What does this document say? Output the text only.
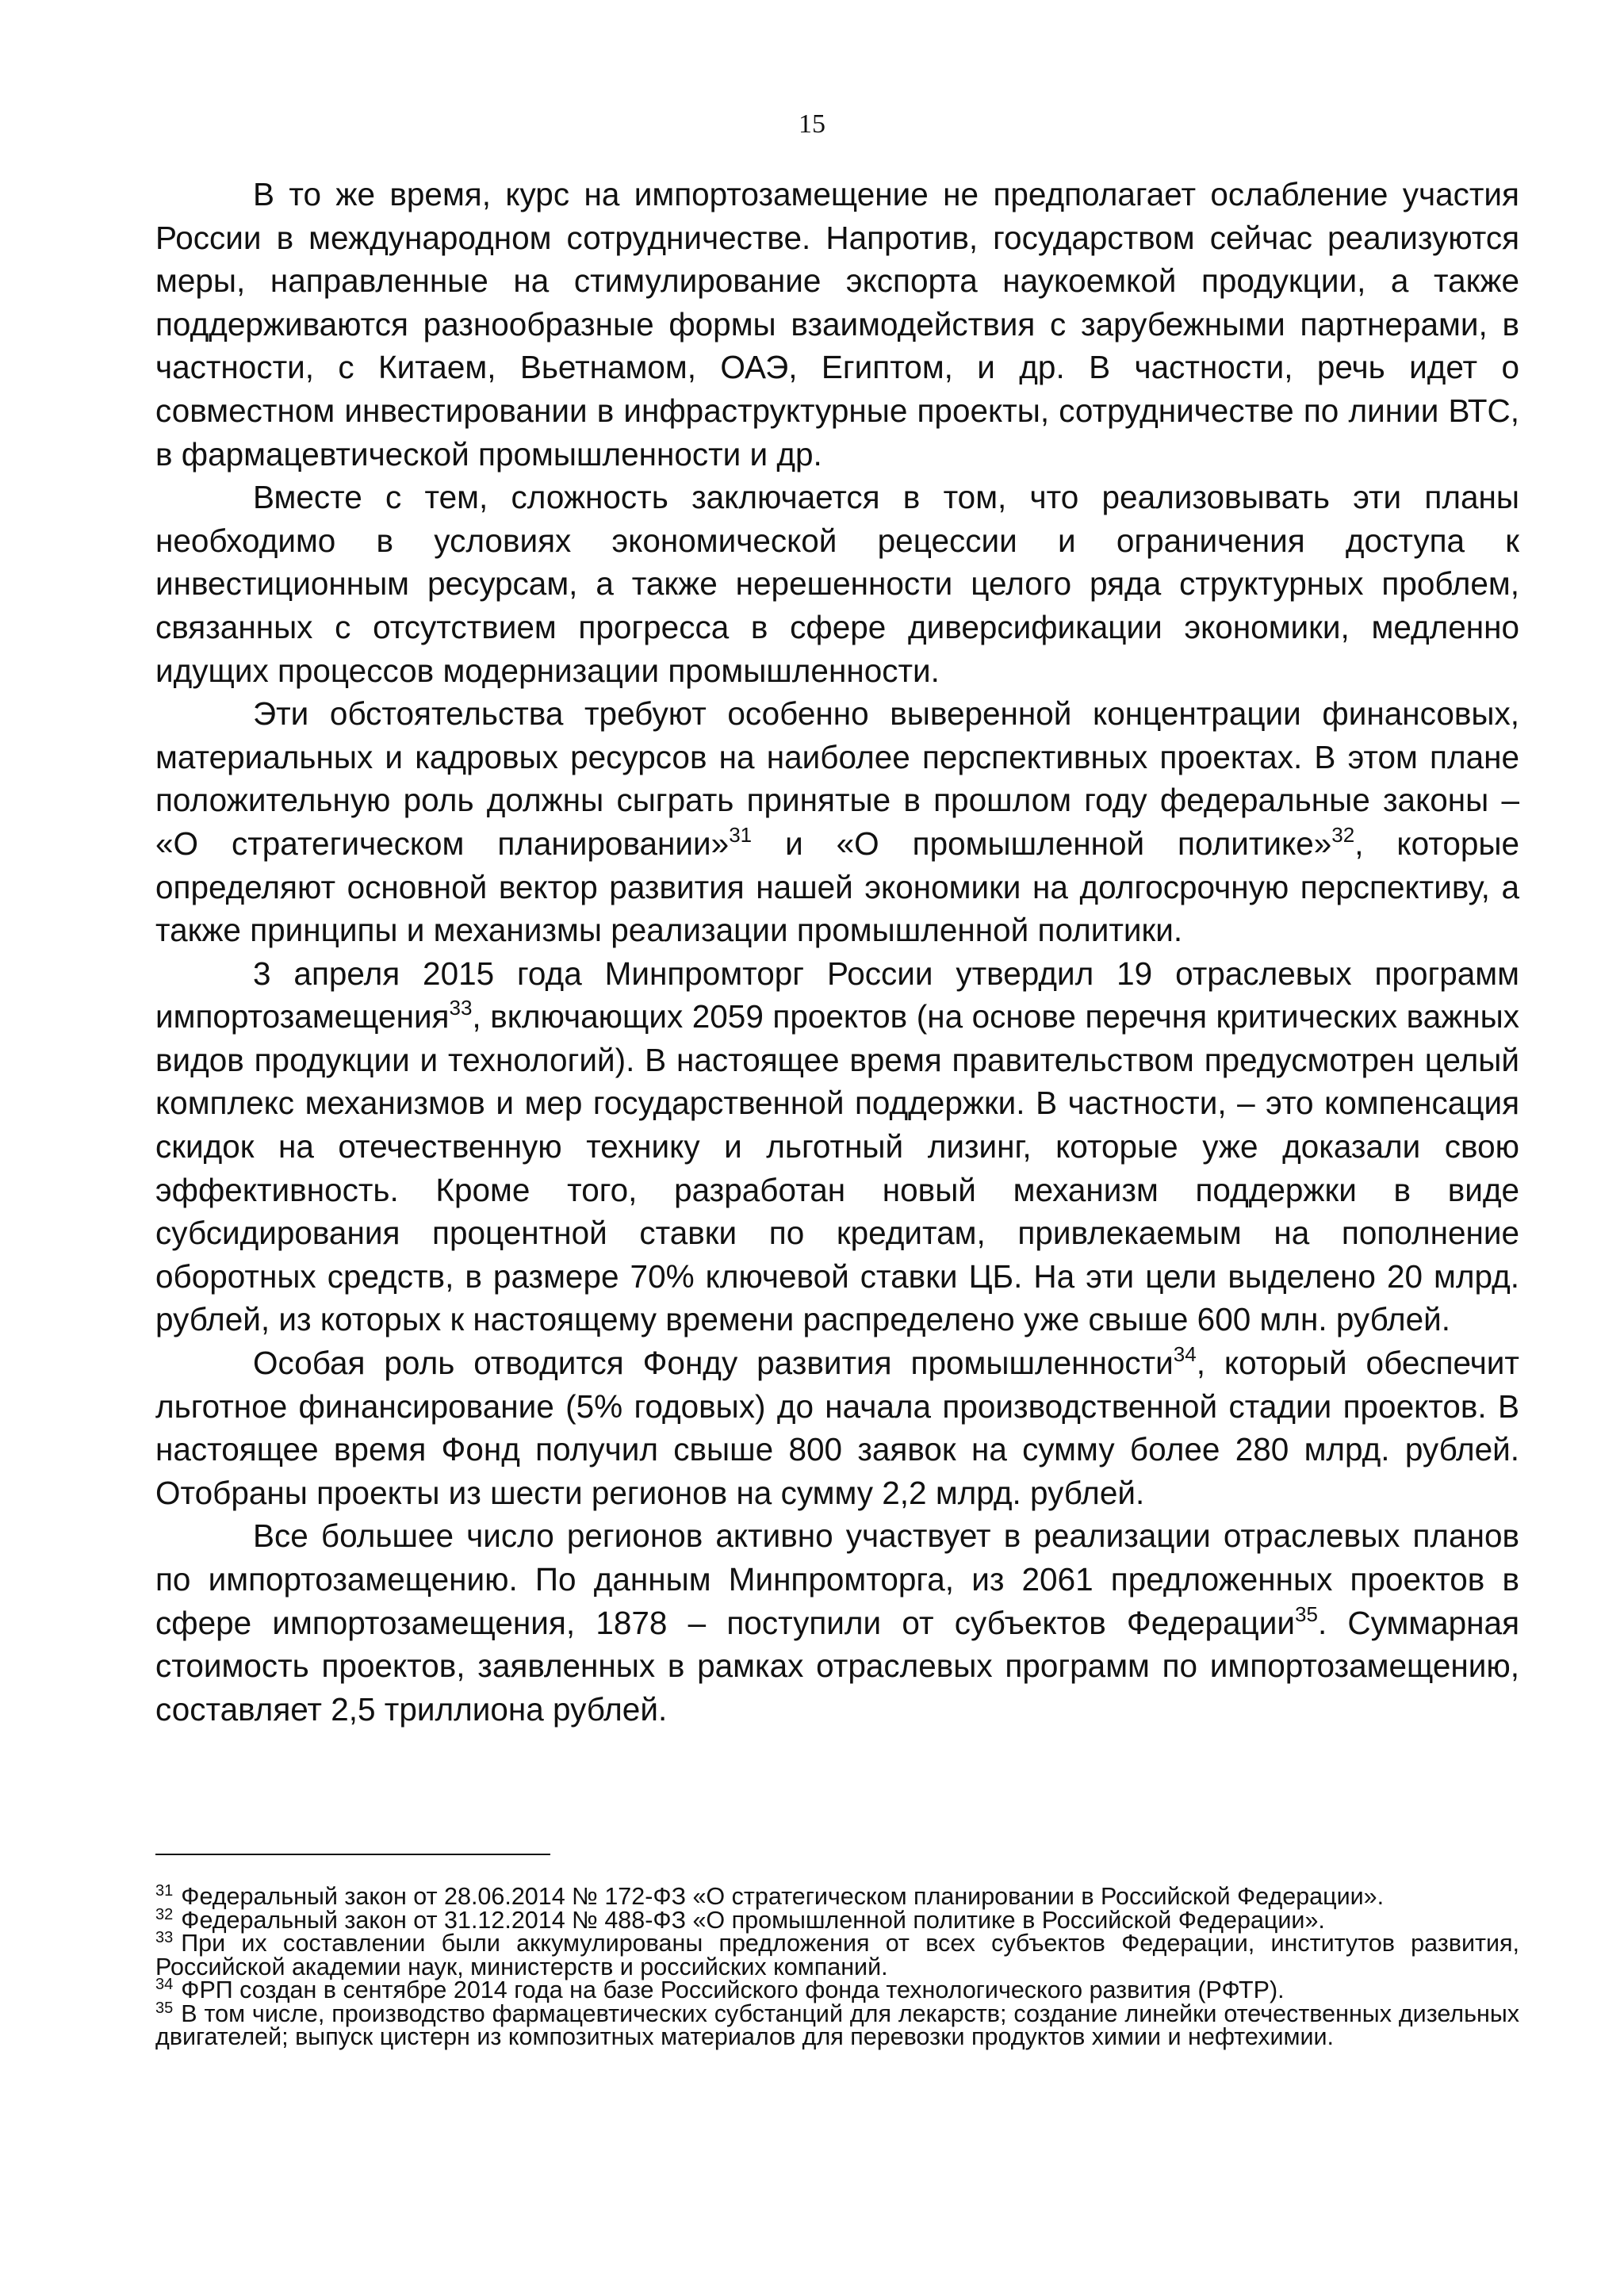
15

В то же время, курс на импортозамещение не предполагает ослабление участия России в международном сотрудничестве. Напротив, государством сейчас реализуются меры, направленные на стимулирование экспорта наукоемкой продукции, а также поддерживаются разнообразные формы взаимодействия с зарубежными партнерами, в частности, с Китаем, Вьетнамом, ОАЭ, Египтом, и др. В частности, речь идет о совместном инвестировании в инфраструктурные проекты, сотрудничестве по линии ВТС, в фармацевтической промышленности и др.

Вместе с тем, сложность заключается в том, что реализовывать эти планы необходимо в условиях экономической рецессии и ограничения доступа к инвестиционным ресурсам, а также нерешенности целого ряда структурных проблем, связанных с отсутствием прогресса в сфере диверсификации экономики, медленно идущих процессов модернизации промышленности.

Эти обстоятельства требуют особенно выверенной концентрации финансовых, материальных и кадровых ресурсов на наиболее перспективных проектах. В этом плане положительную роль должны сыграть принятые в прошлом году федеральные законы – «О стратегическом планировании»$^{31}$ и «О промышленной политике»$^{32}$, которые определяют основной вектор развития нашей экономики на долгосрочную перспективу, а также принципы и механизмы реализации промышленной политики.

3 апреля 2015 года Минпромторг России утвердил 19 отраслевых программ импортозамещения$^{33}$, включающих 2059 проектов (на основе перечня критических важных видов продукции и технологий). В настоящее время правительством предусмотрен целый комплекс механизмов и мер государственной поддержки. В частности, – это компенсация скидок на отечественную технику и льготный лизинг, которые уже доказали свою эффективность. Кроме того, разработан новый механизм поддержки в виде субсидирования процентной ставки по кредитам, привлекаемым на пополнение оборотных средств, в размере 70% ключевой ставки ЦБ. На эти цели выделено 20 млрд. рублей, из которых к настоящему времени распределено уже свыше 600 млн. рублей.

Особая роль отводится Фонду развития промышленности$^{34}$, который обеспечит льготное финансирование (5% годовых) до начала производственной стадии проектов. В настоящее время Фонд получил свыше 800 заявок на сумму более 280 млрд. рублей. Отобраны проекты из шести регионов на сумму 2,2 млрд. рублей.

Все большее число регионов активно участвует в реализации отраслевых планов по импортозамещению. По данным Минпромторга, из 2061 предложенных проектов в сфере импортозамещения, 1878 – поступили от субъектов Федерации$^{35}$. Суммарная стоимость проектов, заявленных в рамках отраслевых программ по импортозамещению, составляет 2,5 триллиона рублей.

$^{31}$ Федеральный закон от 28.06.2014 № 172-ФЗ «О стратегическом планировании в Российской Федерации».

$^{32}$ Федеральный закон от 31.12.2014 № 488-ФЗ «О промышленной политике в Российской Федерации».

$^{33}$ При их составлении были аккумулированы предложения от всех субъектов Федерации, институтов развития, Российской академии наук, министерств и российских компаний.

$^{34}$ ФРП создан в сентябре 2014 года на базе Российского фонда технологического развития (РФТР).

$^{35}$ В том числе, производство фармацевтических субстанций для лекарств; создание линейки отечественных дизельных двигателей; выпуск цистерн из композитных материалов для перевозки продуктов химии и нефтехимии.
